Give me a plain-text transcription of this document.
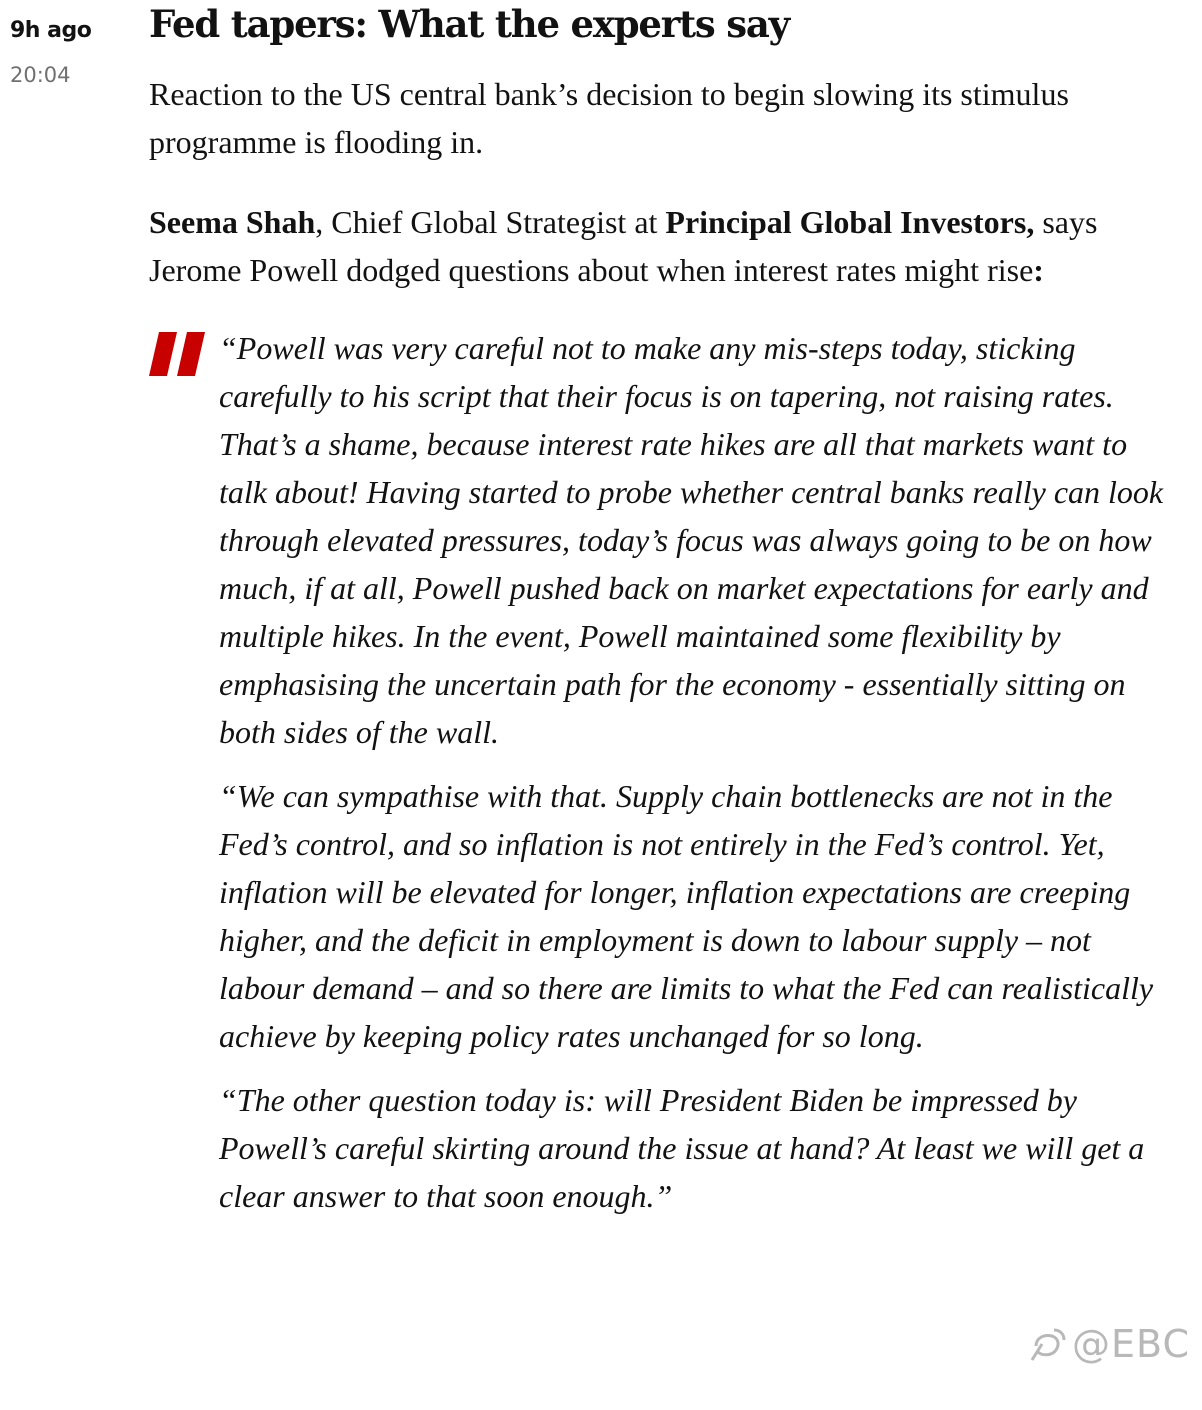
9h ago
20:04
Fed tapers: What the experts say

Reaction to the US central bank’s decision to begin slowing its stimulus programme is flooding in.

Seema Shah, Chief Global Strategist at Principal Global Investors, says Jerome Powell dodged questions about when interest rates might rise:

“Powell was very careful not to make any mis-steps today, sticking carefully to his script that their focus is on tapering, not raising rates. That’s a shame, because interest rate hikes are all that markets want to talk about! Having started to probe whether central banks really can look through elevated pressures, today’s focus was always going to be on how much, if at all, Powell pushed back on market expectations for early and multiple hikes. In the event, Powell maintained some flexibility by emphasising the uncertain path for the economy - essentially sitting on both sides of the wall.

“We can sympathise with that. Supply chain bottlenecks are not in the Fed’s control, and so inflation is not entirely in the Fed’s control. Yet, inflation will be elevated for longer, inflation expectations are creeping higher, and the deficit in employment is down to labour supply – not labour demand – and so there are limits to what the Fed can realistically achieve by keeping policy rates unchanged for so long.

“The other question today is: will President Biden be impressed by Powell’s careful skirting around the issue at hand? At least we will get a clear answer to that soon enough.”

@EBC
